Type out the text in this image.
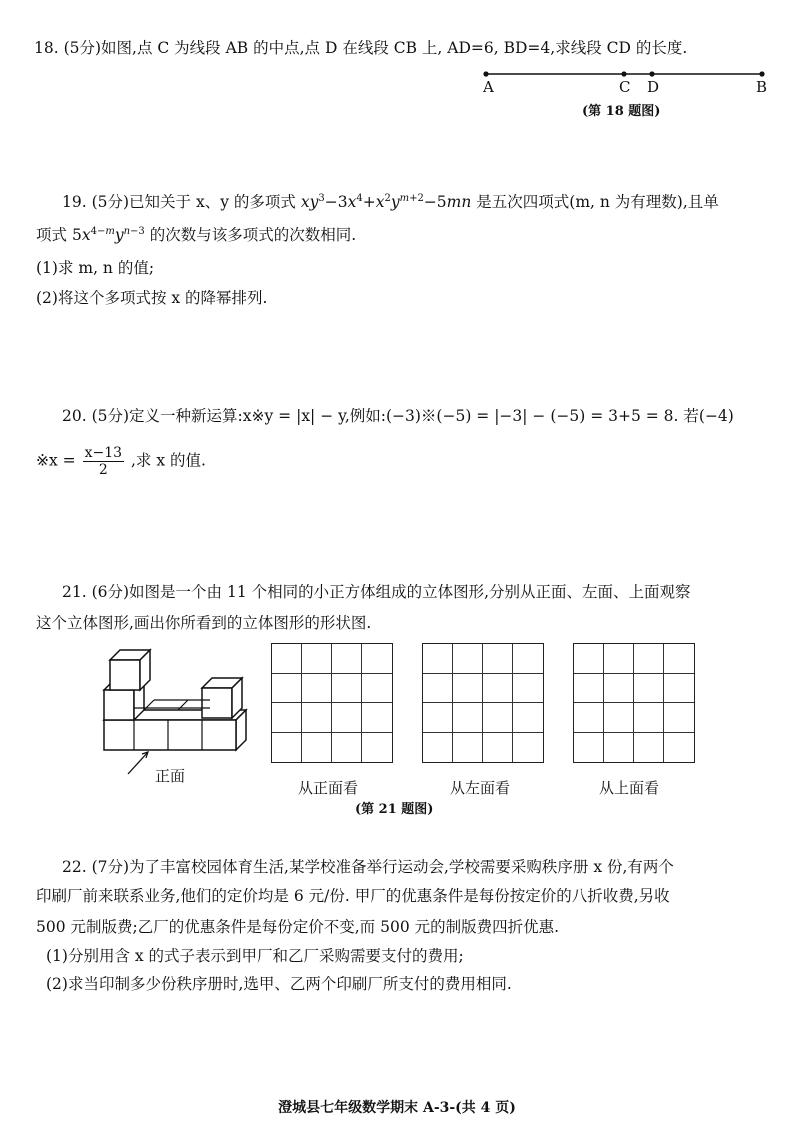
18. (5分)如图,点 C 为线段 AB 的中点,点 D 在线段 CB 上, AD=6, BD=4,求线段 CD 的长度.
A	C D	B
(第 18 题图)
19. (5分)已知关于 x、y 的多项式 $xy^3-3x^4+x^2y^{m+2}-5mn$ 是五次四项式(m, n 为有理数),且单
项式 $5x^{4-m}y^{n-3}$ 的次数与该多项式的次数相同.
(1)求 m, n 的值;
(2)将这个多项式按 x 的降幂排列.
20. (5分)定义一种新运算:x※y = |x| − y,例如:(−3)※(−5) = |−3| − (−5) = 3+5 = 8. 若(−4)
※x = $\frac{x-13}{2}$ ,求 x 的值.
21. (6分)如图是一个由 11 个相同的小正方体组成的立体图形,分别从正面、左面、上面观察
这个立体图形,画出你所看到的立体图形的形状图.
正面
从正面看	从左面看	从上面看
(第 21 题图)
22. (7分)为了丰富校园体育生活,某学校准备举行运动会,学校需要采购秩序册 x 份,有两个
印刷厂前来联系业务,他们的定价均是 6 元/份. 甲厂的优惠条件是每份按定价的八折收费,另收
500 元制版费;乙厂的优惠条件是每份定价不变,而 500 元的制版费四折优惠.
(1)分别用含 x 的式子表示到甲厂和乙厂采购需要支付的费用;
(2)求当印制多少份秩序册时,选甲、乙两个印刷厂所支付的费用相同.
澄城县七年级数学期末 A-3-(共 4 页)
